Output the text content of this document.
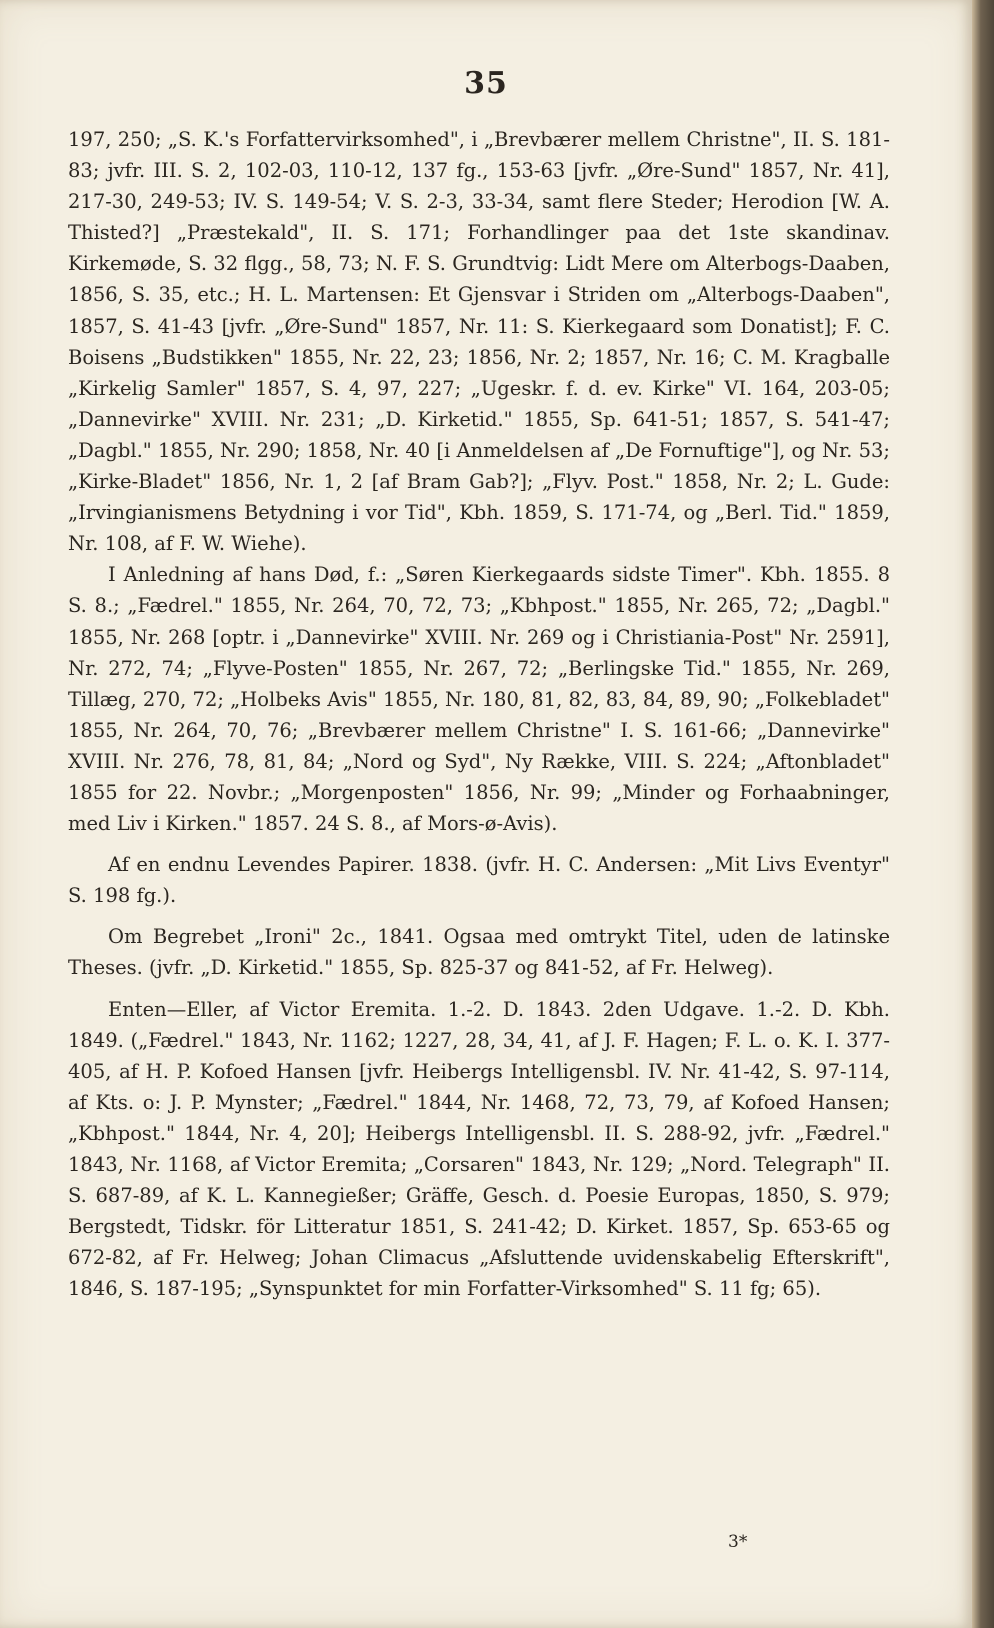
35

197, 250; „S. K.'s Forfattervirksomhed", i „Brevbærer mellem Christne", II. S. 181-83; jvfr. III. S. 2, 102-03, 110-12, 137 fg., 153-63 [jvfr. „Øre-Sund" 1857, Nr. 41], 217-30, 249-53; IV. S. 149-54; V. S. 2-3, 33-34, samt flere Steder; Herodion [W. A. Thisted?] „Præstekald", II. S. 171; Forhandlinger paa det 1ste skandinav. Kirkemøde, S. 32 flgg., 58, 73; N. F. S. Grundtvig: Lidt Mere om Alterbogs-Daaben, 1856, S. 35, etc.; H. L. Martensen: Et Gjensvar i Striden om „Alterbogs-Daaben", 1857, S. 41-43 [jvfr. „Øre-Sund" 1857, Nr. 11: S. Kierkegaard som Donatist]; F. C. Boisens „Budstikken" 1855, Nr. 22, 23; 1856, Nr. 2; 1857, Nr. 16; C. M. Kragballe „Kirkelig Samler" 1857, S. 4, 97, 227; „Ugeskr. f. d. ev. Kirke" VI. 164, 203-05; „Dannevirke" XVIII. Nr. 231; „D. Kirketid." 1855, Sp. 641-51; 1857, S. 541-47; „Dagbl." 1855, Nr. 290; 1858, Nr. 40 [i Anmeldelsen af „De Fornuftige"], og Nr. 53; „Kirke-Bladet" 1856, Nr. 1, 2 [af Bram Gab?]; „Flyv. Post." 1858, Nr. 2; L. Gude: „Irvingianismens Betydning i vor Tid", Kbh. 1859, S. 171-74, og „Berl. Tid." 1859, Nr. 108, af F. W. Wiehe).

I Anledning af hans Død, f.: „Søren Kierkegaards sidste Timer". Kbh. 1855. 8 S. 8.; „Fædrel." 1855, Nr. 264, 70, 72, 73; „Kbhpost." 1855, Nr. 265, 72; „Dagbl." 1855, Nr. 268 [optr. i „Dannevirke" XVIII. Nr. 269 og i Christiania-Post" Nr. 2591], Nr. 272, 74; „Flyve-Posten" 1855, Nr. 267, 72; „Berlingske Tid." 1855, Nr. 269, Tillæg, 270, 72; „Holbeks Avis" 1855, Nr. 180, 81, 82, 83, 84, 89, 90; „Folkebladet" 1855, Nr. 264, 70, 76; „Brevbærer mellem Christne" I. S. 161-66; „Dannevirke" XVIII. Nr. 276, 78, 81, 84; „Nord og Syd", Ny Række, VIII. S. 224; „Aftonbladet" 1855 for 22. Novbr.; „Morgenposten" 1856, Nr. 99; „Minder og Forhaabninger, med Liv i Kirken." 1857. 24 S. 8., af Mors-ø-Avis).

Af en endnu Levendes Papirer. 1838. (jvfr. H. C. Andersen: „Mit Livs Eventyr" S. 198 fg.).

Om Begrebet „Ironi" 2c., 1841. Ogsaa med omtrykt Titel, uden de latinske Theses. (jvfr. „D. Kirketid." 1855, Sp. 825-37 og 841-52, af Fr. Helweg).

Enten—Eller, af Victor Eremita. 1.-2. D. 1843. 2den Udgave. 1.-2. D. Kbh. 1849. („Fædrel." 1843, Nr. 1162; 1227, 28, 34, 41, af J. F. Hagen; F. L. o. K. I. 377-405, af H. P. Kofoed Hansen [jvfr. Heibergs Intelligensbl. IV. Nr. 41-42, S. 97-114, af Kts. o: J. P. Mynster; „Fædrel." 1844, Nr. 1468, 72, 73, 79, af Kofoed Hansen; „Kbhpost." 1844, Nr. 4, 20]; Heibergs Intelligensbl. II. S. 288-92, jvfr. „Fædrel." 1843, Nr. 1168, af Victor Eremita; „Corsaren" 1843, Nr. 129; „Nord. Telegraph" II. S. 687-89, af K. L. Kannegießer; Gräffe, Gesch. d. Poesie Europas, 1850, S. 979; Bergstedt, Tidskr. för Litteratur 1851, S. 241-42; D. Kirket. 1857, Sp. 653-65 og 672-82, af Fr. Helweg; Johan Climacus „Afsluttende uvidenskabelig Efterskrift", 1846, S. 187-195; „Synspunktet for min Forfatter-Virksomhed" S. 11 fg; 65).

3*
